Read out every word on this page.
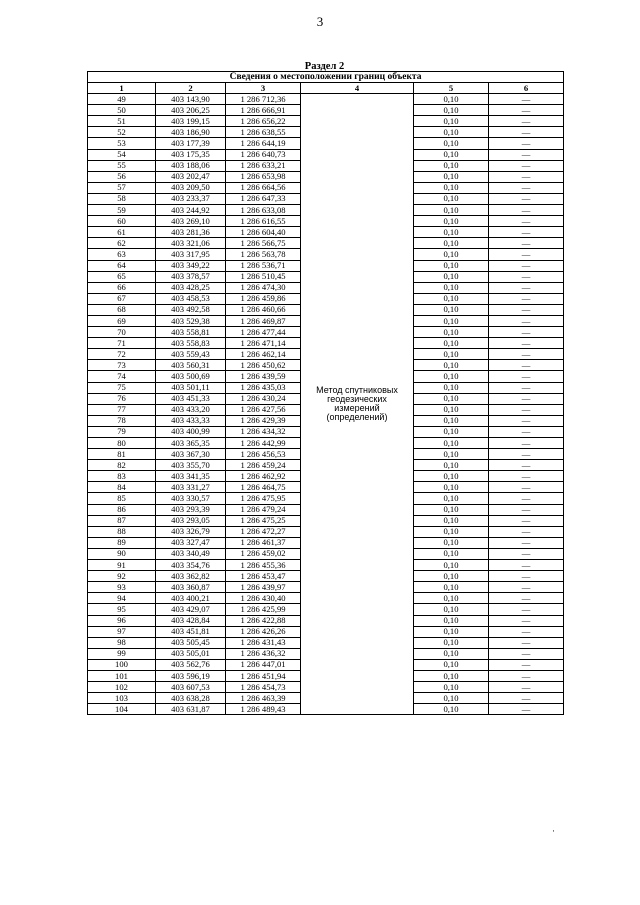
3
Раздел 2
Сведения о местоположении границ объекта					
1	2	3	4	5	6
49	403 143,90	1 286 712,36	Метод спутниковых геодезических измерений (определений)	0,10	—
50	403 206,25	1 286 666,91		0,10	—
51	403 199,15	1 286 656,22		0,10	—
52	403 186,90	1 286 638,55		0,10	—
53	403 177,39	1 286 644,19		0,10	—
54	403 175,35	1 286 640,73		0,10	—
55	403 188,06	1 286 633,21		0,10	—
56	403 202,47	1 286 653,98		0,10	—
57	403 209,50	1 286 664,56		0,10	—
58	403 233,37	1 286 647,33		0,10	—
59	403 244,92	1 286 633,08		0,10	—
60	403 269,10	1 286 616,55		0,10	—
61	403 281,36	1 286 604,40		0,10	—
62	403 321,06	1 286 566,75		0,10	—
63	403 317,95	1 286 563,78		0,10	—
64	403 349,22	1 286 536,71		0,10	—
65	403 378,57	1 286 510,45		0,10	—
66	403 428,25	1 286 474,30		0,10	—
67	403 458,53	1 286 459,86		0,10	—
68	403 492,58	1 286 460,66		0,10	—
69	403 529,38	1 286 469,87		0,10	—
70	403 558,81	1 286 477,44		0,10	—
71	403 558,83	1 286 471,14		0,10	—
72	403 559,43	1 286 462,14		0,10	—
73	403 560,31	1 286 450,62		0,10	—
74	403 500,69	1 286 439,59		0,10	—
75	403 501,11	1 286 435,03		0,10	—
76	403 451,33	1 286 430,24		0,10	—
77	403 433,20	1 286 427,56		0,10	—
78	403 433,33	1 286 429,39		0,10	—
79	403 400,99	1 286 434,32		0,10	—
80	403 365,35	1 286 442,99		0,10	—
81	403 367,30	1 286 456,53		0,10	—
82	403 355,70	1 286 459,24		0,10	—
83	403 341,35	1 286 462,92		0,10	—
84	403 331,27	1 286 464,75		0,10	—
85	403 330,57	1 286 475,95		0,10	—
86	403 293,39	1 286 479,24		0,10	—
87	403 293,05	1 286 475,25		0,10	—
88	403 326,79	1 286 472,27		0,10	—
89	403 327,47	1 286 461,37		0,10	—
90	403 340,49	1 286 459,02		0,10	—
91	403 354,76	1 286 455,36		0,10	—
92	403 362,82	1 286 453,47		0,10	—
93	403 360,87	1 286 439,97		0,10	—
94	403 400,21	1 286 430,40		0,10	—
95	403 429,07	1 286 425,99		0,10	—
96	403 428,84	1 286 422,88		0,10	—
97	403 451,81	1 286 426,26		0,10	—
98	403 505,45	1 286 431,43		0,10	—
99	403 505,01	1 286 436,32		0,10	—
100	403 562,76	1 286 447,01		0,10	—
101	403 596,19	1 286 451,94		0,10	—
102	403 607,53	1 286 454,73		0,10	—
103	403 638,28	1 286 463,39		0,10	—
104	403 631,87	1 286 489,43		0,10	—
·
